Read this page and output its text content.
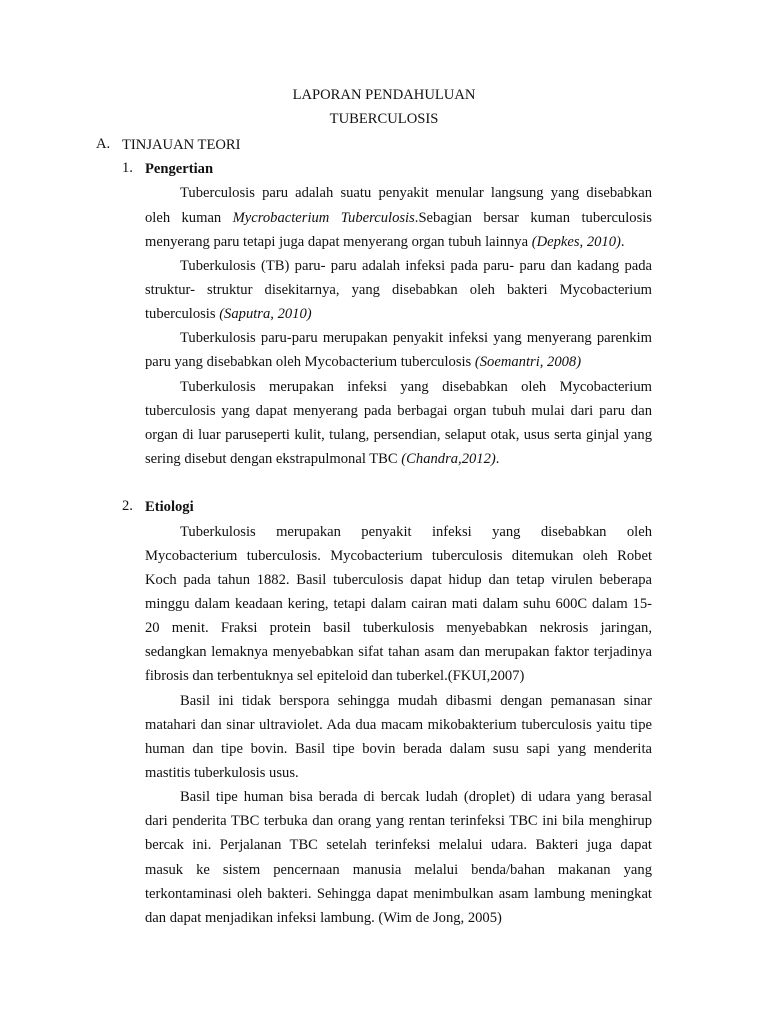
LAPORAN PENDAHULUAN
TUBERCULOSIS
A. TINJAUAN TEORI
1. Pengertian
Tuberculosis paru adalah suatu penyakit menular langsung yang disebabkan
oleh kuman Mycrobacterium Tuberculosis.Sebagian bersar kuman tuberculosis
menyerang paru tetapi juga dapat menyerang organ tubuh lainnya (Depkes, 2010).
Tuberkulosis (TB) paru- paru adalah infeksi pada paru- paru dan kadang pada
struktur- struktur disekitarnya, yang disebabkan oleh bakteri Mycobacterium
tuberculosis (Saputra, 2010)
Tuberkulosis paru-paru merupakan penyakit infeksi yang menyerang parenkim
paru yang disebabkan oleh Mycobacterium tuberculosis (Soemantri, 2008)
Tuberkulosis merupakan infeksi yang disebabkan oleh Mycobacterium
tuberculosis yang dapat menyerang pada berbagai organ tubuh mulai dari paru dan
organ di luar paruseperti kulit, tulang, persendian, selaput otak, usus serta ginjal yang
sering disebut dengan ekstrapulmonal TBC (Chandra,2012).
2. Etiologi
Tuberkulosis merupakan penyakit infeksi yang disebabkan oleh
Mycobacterium tuberculosis. Mycobacterium tuberculosis ditemukan oleh Robet
Koch pada tahun 1882. Basil tuberculosis dapat hidup dan tetap virulen beberapa
minggu dalam keadaan kering, tetapi dalam cairan mati dalam suhu 600C dalam 15-
20 menit. Fraksi protein basil tuberkulosis menyebabkan nekrosis jaringan,
sedangkan lemaknya menyebabkan sifat tahan asam dan merupakan faktor terjadinya
fibrosis dan terbentuknya sel epiteloid dan tuberkel.(FKUI,2007)
Basil ini tidak berspora sehingga mudah dibasmi dengan pemanasan sinar
matahari dan sinar ultraviolet. Ada dua macam mikobakterium tuberculosis yaitu tipe
human dan tipe bovin. Basil tipe bovin berada dalam susu sapi yang menderita
mastitis tuberkulosis usus.
Basil tipe human bisa berada di bercak ludah (droplet) di udara yang berasal
dari penderita TBC terbuka dan orang yang rentan terinfeksi TBC ini bila menghirup
bercak ini. Perjalanan TBC setelah terinfeksi melalui udara. Bakteri juga dapat
masuk ke sistem pencernaan manusia melalui benda/bahan makanan yang
terkontaminasi oleh bakteri. Sehingga dapat menimbulkan asam lambung meningkat
dan dapat menjadikan infeksi lambung. (Wim de Jong, 2005)
